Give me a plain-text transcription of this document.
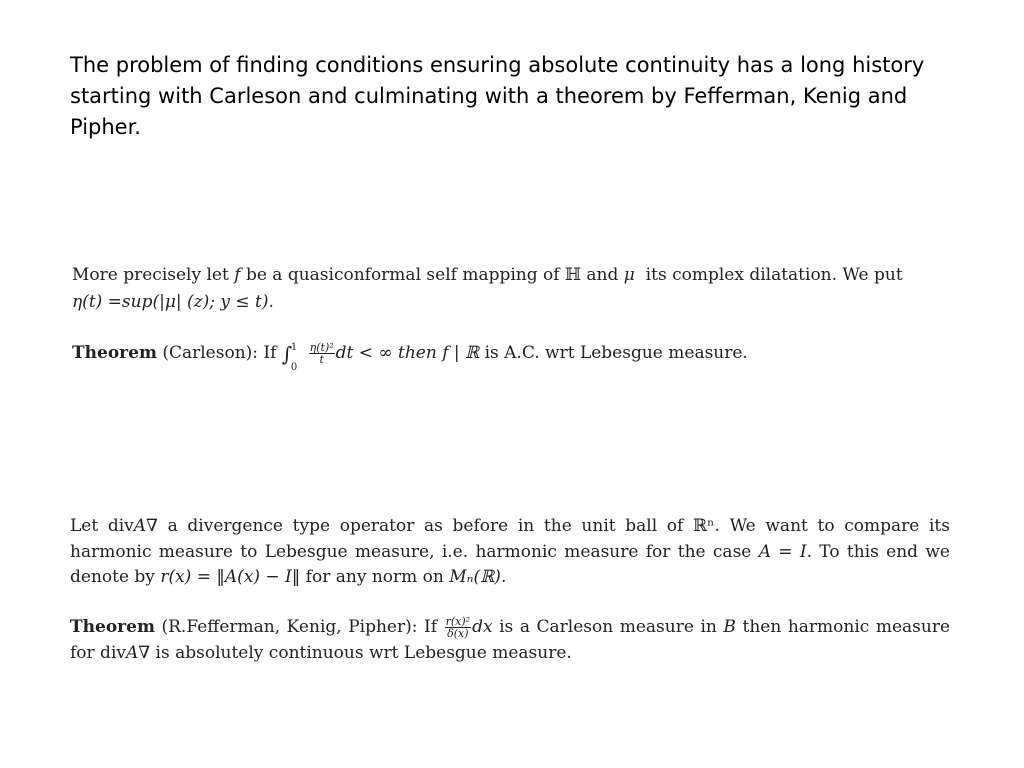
The problem of finding conditions ensuring absolute continuity has a long history starting with Carleson and culminating with a theorem by Fefferman, Kenig and Pipher.
More precisely let f be a quasiconformal self mapping of ℍ and μ its complex dilatation. We put
η(t) =sup(|μ| (z); y ≤ t).
Theorem (Carleson): If ∫
1
0

$\frac{\text{η(t)²}}{t}$ dt < ∞ then f | ℝ is A.C. wrt Lebesgue measure.
Let divA∇ a divergence type operator as before in the unit ball of ℝⁿ. We want to compare its harmonic measure to Lebesgue measure, i.e. harmonic measure for the case A = I. To this end we denote by r(x) = ‖A(x) − I‖ for any norm on Mₙ(ℝ).
Theorem (R.Fefferman, Kenig, Pipher): If $\frac{\text{r(x)²}}{\delta(x)}$ dx is a Carleson measure in B then harmonic measure for divA∇ is absolutely continuous wrt Lebesgue measure.
